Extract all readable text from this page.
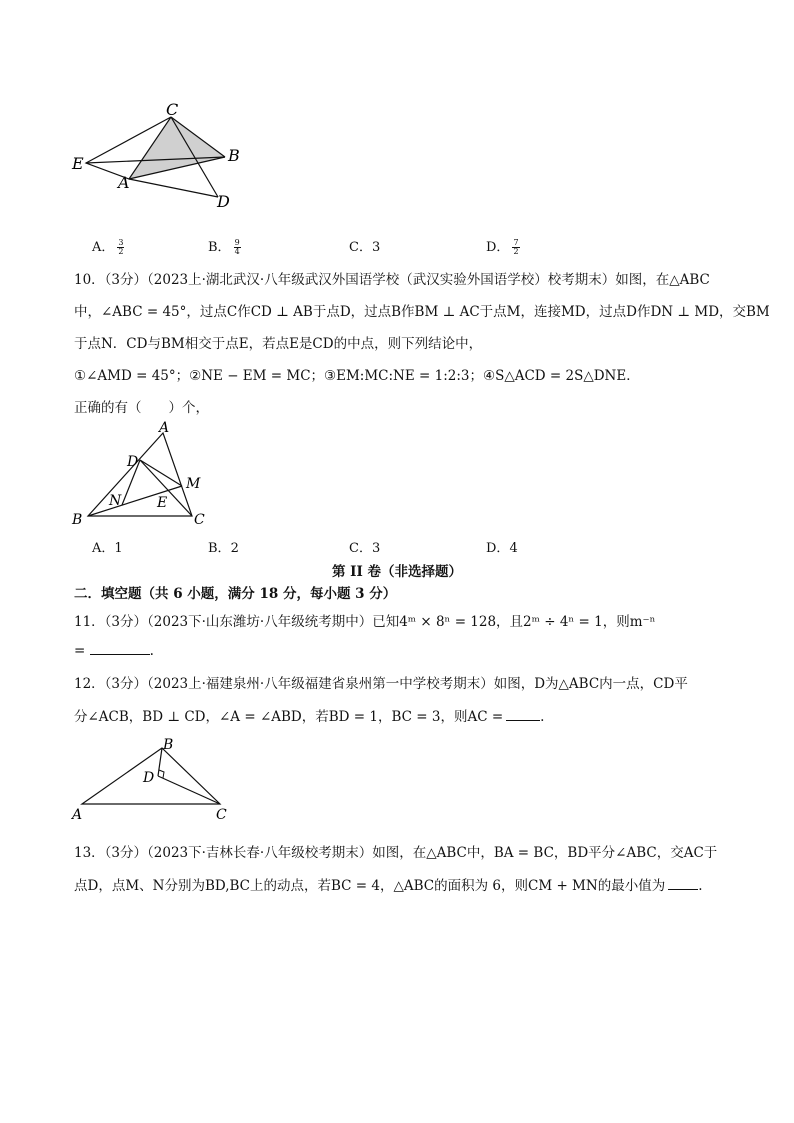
C
B
E
A
D
A． $\frac{3}{2}$	B． $\frac{9}{4}$	C．3	D． $\frac{7}{2}$
10．（3分）（2023上·湖北武汉·八年级武汉外国语学校（武汉实验外国语学校）校考期末）如图，在△ABC
中，∠ABC = 45°，过点C作CD ⊥ AB于点D，过点B作BM ⊥ AC于点M，连接MD，过点D作DN ⊥ MD，交BM
于点N．CD与BM相交于点E，若点E是CD的中点，则下列结论中，
①∠AMD = 45°；②NE − EM = MC；③EM:MC:NE = 1:2:3；④S△ACD = 2S△DNE．
正确的有（　　）个，
A
D
M
N	E
B	C
A．1	B．2	C．3	D．4
第 II 卷（非选择题）
二．填空题（共 6 小题，满分 18 分，每小题 3 分）
11．（3分）（2023下·山东潍坊·八年级统考期中）已知4ᵐ × 8ⁿ = 128，且2ᵐ ÷ 4ⁿ = 1，则m⁻ⁿ
=	.
12．（3分）（2023上·福建泉州·八年级福建省泉州第一中学校考期末）如图，D为△ABC内一点，CD平
分∠ACB，BD ⊥ CD，∠A = ∠ABD，若BD = 1，BC = 3，则AC =	.
B
D
A	C
13．（3分）（2023下·吉林长春·八年级校考期末）如图，在△ABC中，BA = BC，BD平分∠ABC，交AC于
点D，点M、N分别为BD,BC上的动点，若BC = 4，△ABC的面积为 6，则CM + MN的最小值为 .
